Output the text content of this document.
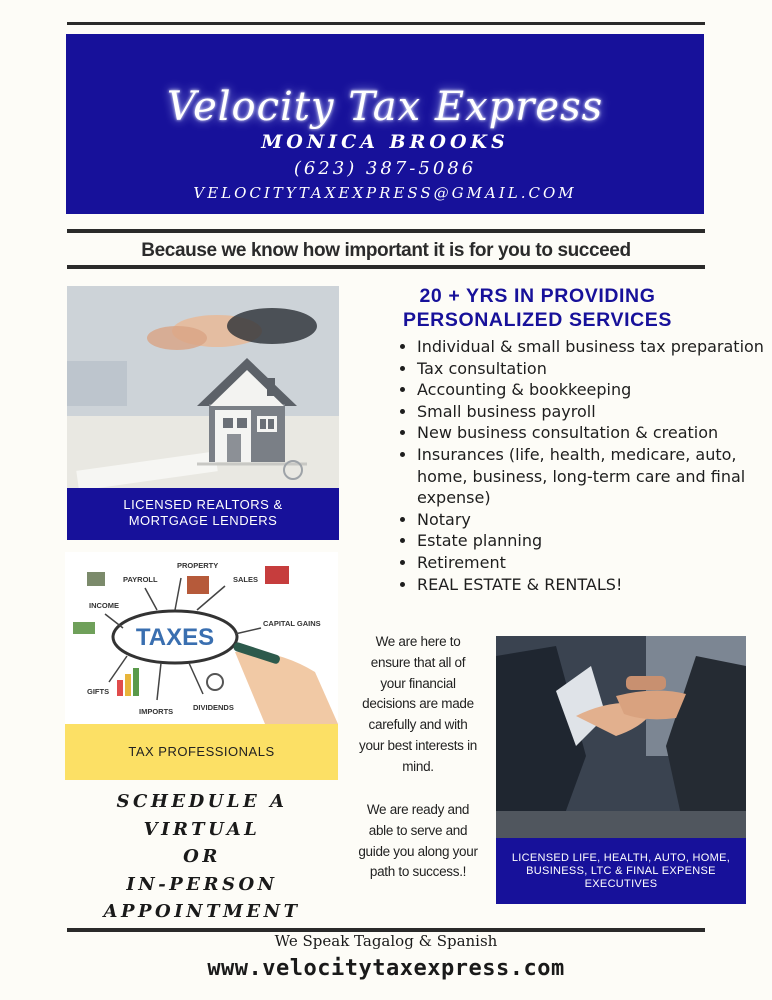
Velocity Tax Express
MONICA BROOKS
(623) 387-5086
VELOCITYTAXEXPRESS@GMAIL.COM
Because we know how important it is for you to succeed
LICENSED REALTORS &
MORTGAGE LENDERS
TAXES
PAYROLL
PROPERTY
SALES
INCOME
CAPITAL GAINS
GIFTS
IMPORTS	DIVIDENDS
TAX PROFESSIONALS
20 + YRS IN PROVIDING
PERSONALIZED SERVICES
• Individual & small business tax preparation
• Tax consultation
• Accounting & bookkeeping
• Small business payroll
• New business consultation & creation
• Insurances (life, health, medicare, auto, home, business, long-term care and final expense)
• Notary
• Estate planning
• Retirement
• REAL ESTATE & RENTALS!
We are here to
ensure that all of
your financial
decisions are made
carefully and with
your best interests in
mind.
We are ready and
able to serve and
guide you along your
path to success.!
LICENSED LIFE, HEALTH, AUTO, HOME,
BUSINESS, LTC & FINAL EXPENSE
EXECUTIVES
SCHEDULE A
VIRTUAL
OR
IN-PERSON
APPOINTMENT
We Speak Tagalog & Spanish
www.velocitytaxexpress.com
